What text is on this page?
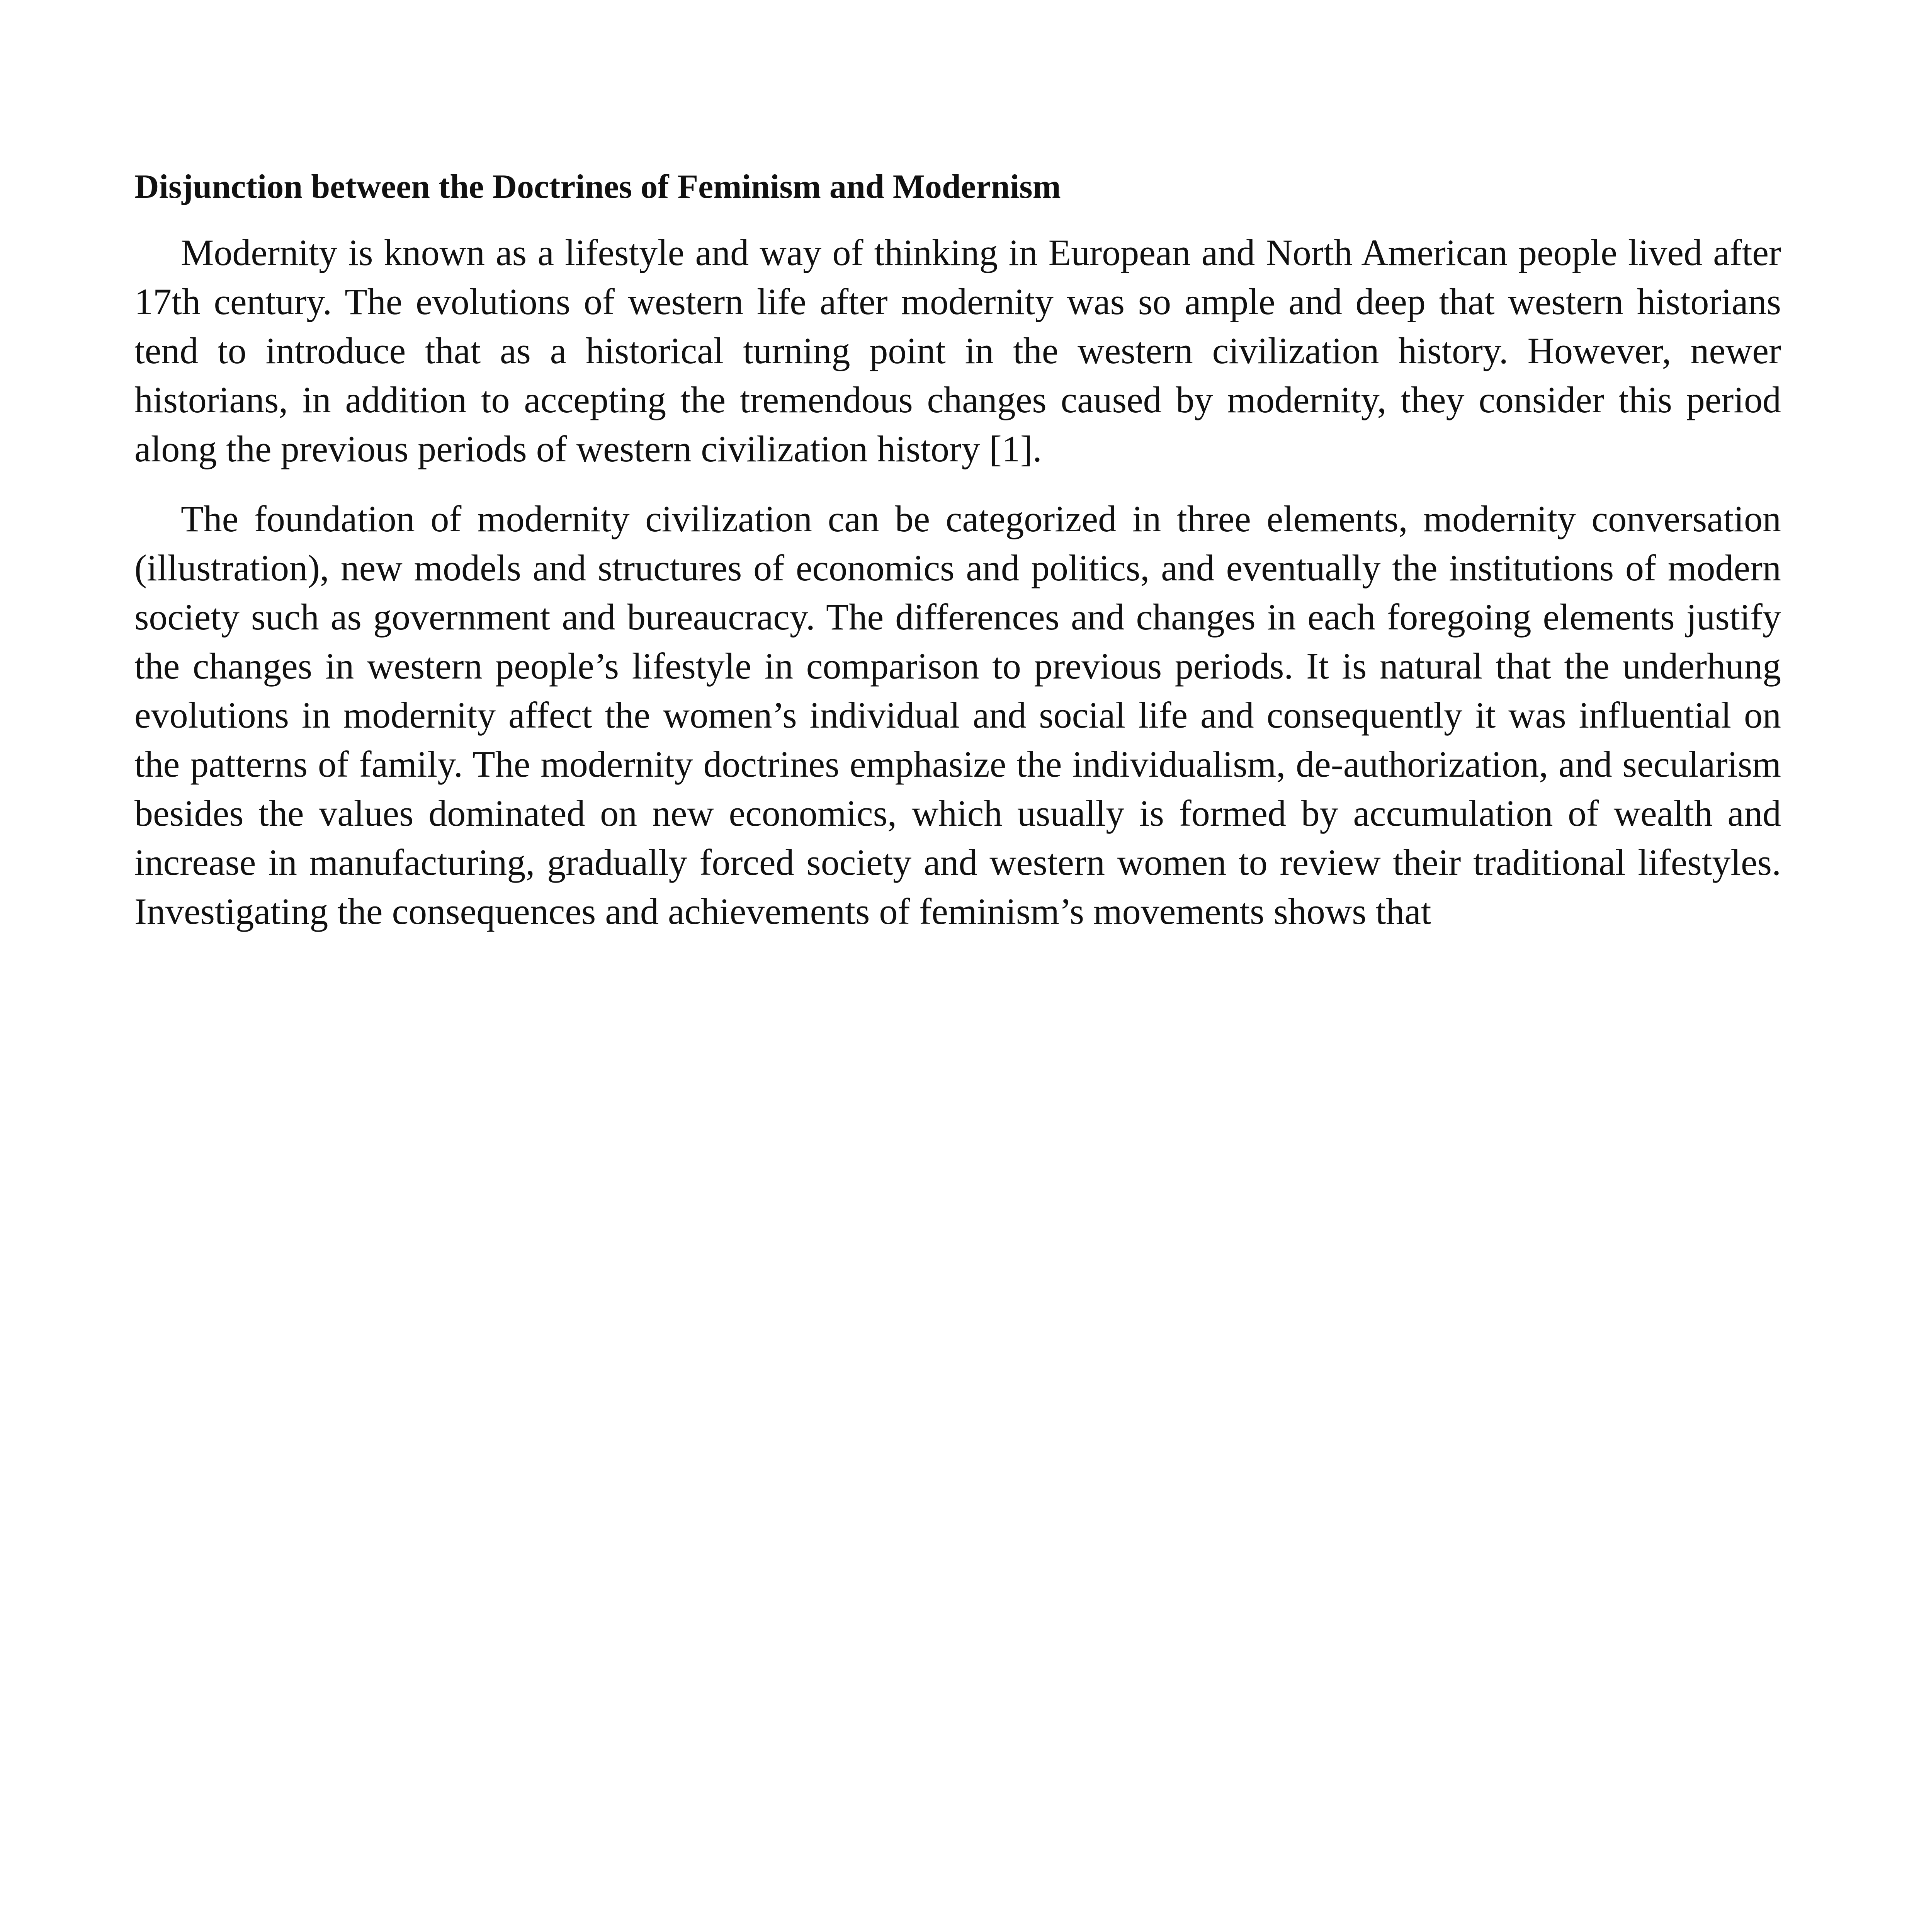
Disjunction between the Doctrines of Feminism and Modernism

Modernity is known as a lifestyle and way of thinking in European and North American people lived after 17th century. The evolutions of western life after modernity was so ample and deep that western historians tend to introduce that as a historical turning point in the western civilization history. However, newer historians, in addition to accepting the tremendous changes caused by modernity, they consider this period along the previous periods of western civilization history [1].

The foundation of modernity civilization can be categorized in three elements, modernity conversation (illustration), new models and structures of economics and politics, and eventually the institutions of modern society such as government and bureaucracy. The differences and changes in each foregoing elements justify the changes in western people’s lifestyle in comparison to previous periods. It is natural that the underhung evolutions in modernity affect the women’s individual and social life and consequently it was influential on the patterns of family. The modernity doctrines emphasize the individualism, de-authorization, and secularism besides the values dominated on new economics, which usually is formed by accumulation of wealth and increase in manufacturing, gradually forced society and western women to review their traditional lifestyles. Investigating the consequences and achievements of feminism’s movements shows that
